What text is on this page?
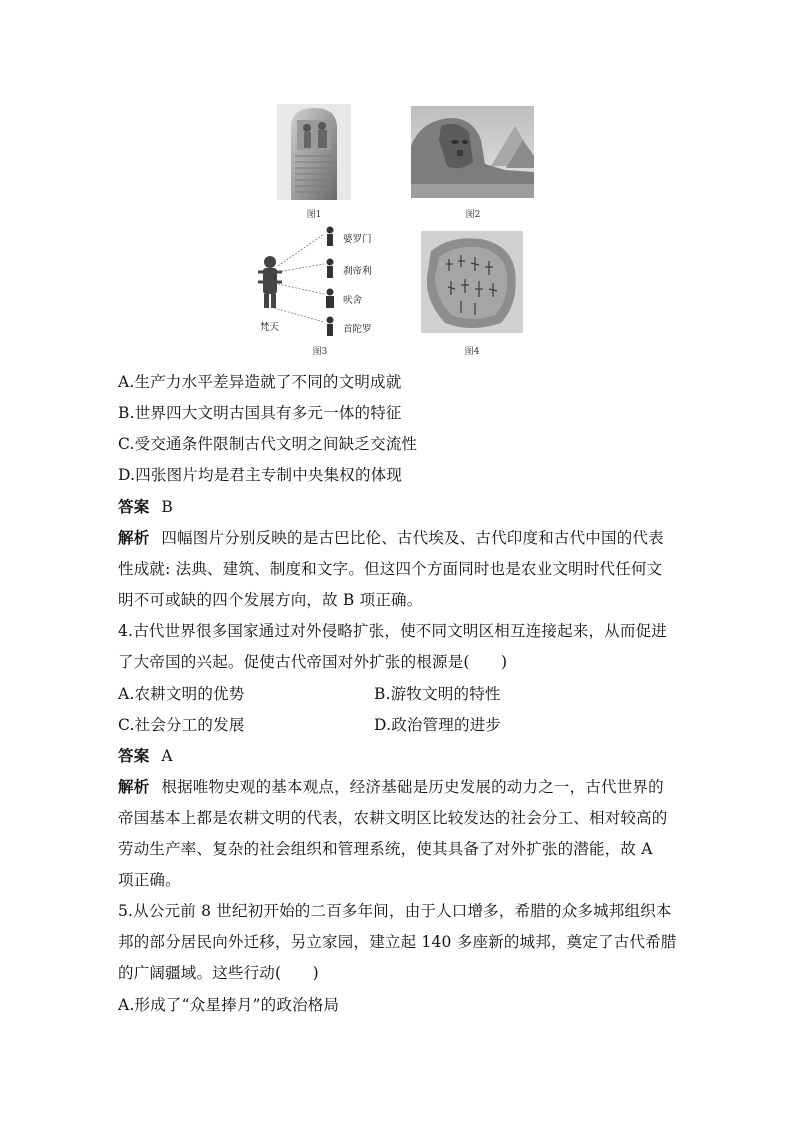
图1	图2
婆罗门
刹帝利
吠舍
首陀罗
梵天
图3	图4
A.生产力水平差异造就了不同的文明成就
B.世界四大文明古国具有多元一体的特征
C.受交通条件限制古代文明之间缺乏交流性
D.四张图片均是君主专制中央集权的体现
答案 B
解析 四幅图片分别反映的是古巴比伦、古代埃及、古代印度和古代中国的代表
性成就: 法典、建筑、制度和文字。但这四个方面同时也是农业文明时代任何文
明不可或缺的四个发展方向，故 B 项正确。
4.古代世界很多国家通过对外侵略扩张，使不同文明区相互连接起来，从而促进
了大帝国的兴起。促使古代帝国对外扩张的根源是(　　)
A.农耕文明的优势	B.游牧文明的特性
C.社会分工的发展	D.政治管理的进步
答案 A
解析 根据唯物史观的基本观点，经济基础是历史发展的动力之一，古代世界的
帝国基本上都是农耕文明的代表，农耕文明区比较发达的社会分工、相对较高的
劳动生产率、复杂的社会组织和管理系统，使其具备了对外扩张的潜能，故 A
项正确。
5.从公元前 8 世纪初开始的二百多年间，由于人口增多，希腊的众多城邦组织本
邦的部分居民向外迁移，另立家园，建立起 140 多座新的城邦，奠定了古代希腊
的广阔疆域。这些行动(　　)
A.形成了“众星捧月”的政治格局
